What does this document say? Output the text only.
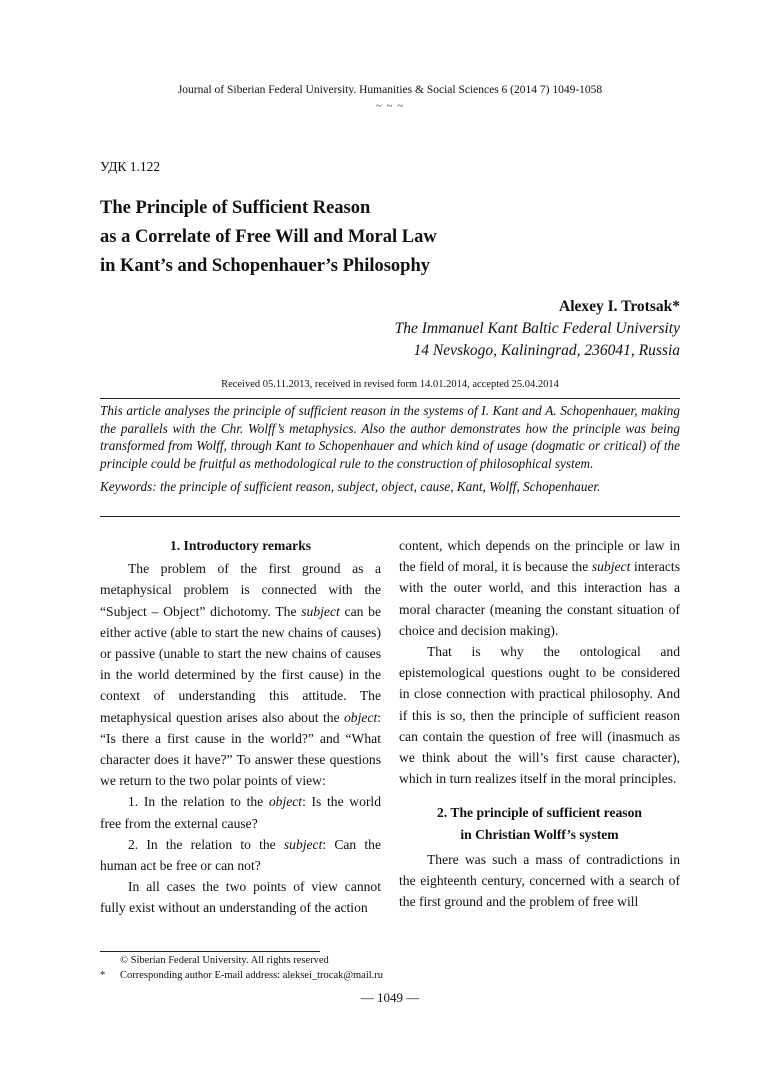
Journal of Siberian Federal University. Humanities & Social Sciences 6 (2014 7) 1049-1058
~ ~ ~
УДК 1.122
The Principle of Sufficient Reason
as a Correlate of Free Will and Moral Law
in Kant’s and Schopenhauer’s Philosophy
Alexey I. Trotsak*
The Immanuel Kant Baltic Federal University
14 Nevskogo, Kaliningrad, 236041, Russia
Received 05.11.2013, received in revised form 14.01.2014, accepted 25.04.2014

This article analyses the principle of sufficient reason in the systems of I. Kant and A. Schopenhauer, making the parallels with the Chr. Wolff’s metaphysics. Also the author demonstrates how the principle was being transformed from Wolff, through Kant to Schopenhauer and which kind of usage (dogmatic or critical) of the principle could be fruitful as methodological rule to the construction of philosophical system.

Keywords: the principle of sufficient reason, subject, object, cause, Kant, Wolff, Schopenhauer.

1. Introductory remarks

The problem of the first ground as a metaphysical problem is connected with the “Subject – Object” dichotomy. The subject can be either active (able to start the new chains of causes) or passive (unable to start the new chains of causes in the world determined by the first cause) in the context of understanding this attitude. The metaphysical question arises also about the object: “Is there a first cause in the world?” and “What character does it have?” To answer these questions we return to the two polar points of view:

1. In the relation to the object: Is the world free from the external cause?

2. In the relation to the subject: Can the human act be free or can not?

In all cases the two points of view cannot fully exist without an understanding of the action

content, which depends on the principle or law in the field of moral, it is because the subject interacts with the outer world, and this interaction has a moral character (meaning the constant situation of choice and decision making).

That is why the ontological and epistemological questions ought to be considered in close connection with practical philosophy. And if this is so, then the principle of sufficient reason can contain the question of free will (inasmuch as we think about the will’s first cause character), which in turn realizes itself in the moral principles.

2. The principle of sufficient reason
in Christian Wolff’s system

There was such a mass of contradictions in the eighteenth century, concerned with a search of the first ground and the problem of free will

© Siberian Federal University. All rights reserved
* Corresponding author E-mail address: aleksei_trocak@mail.ru
— 1049 —
